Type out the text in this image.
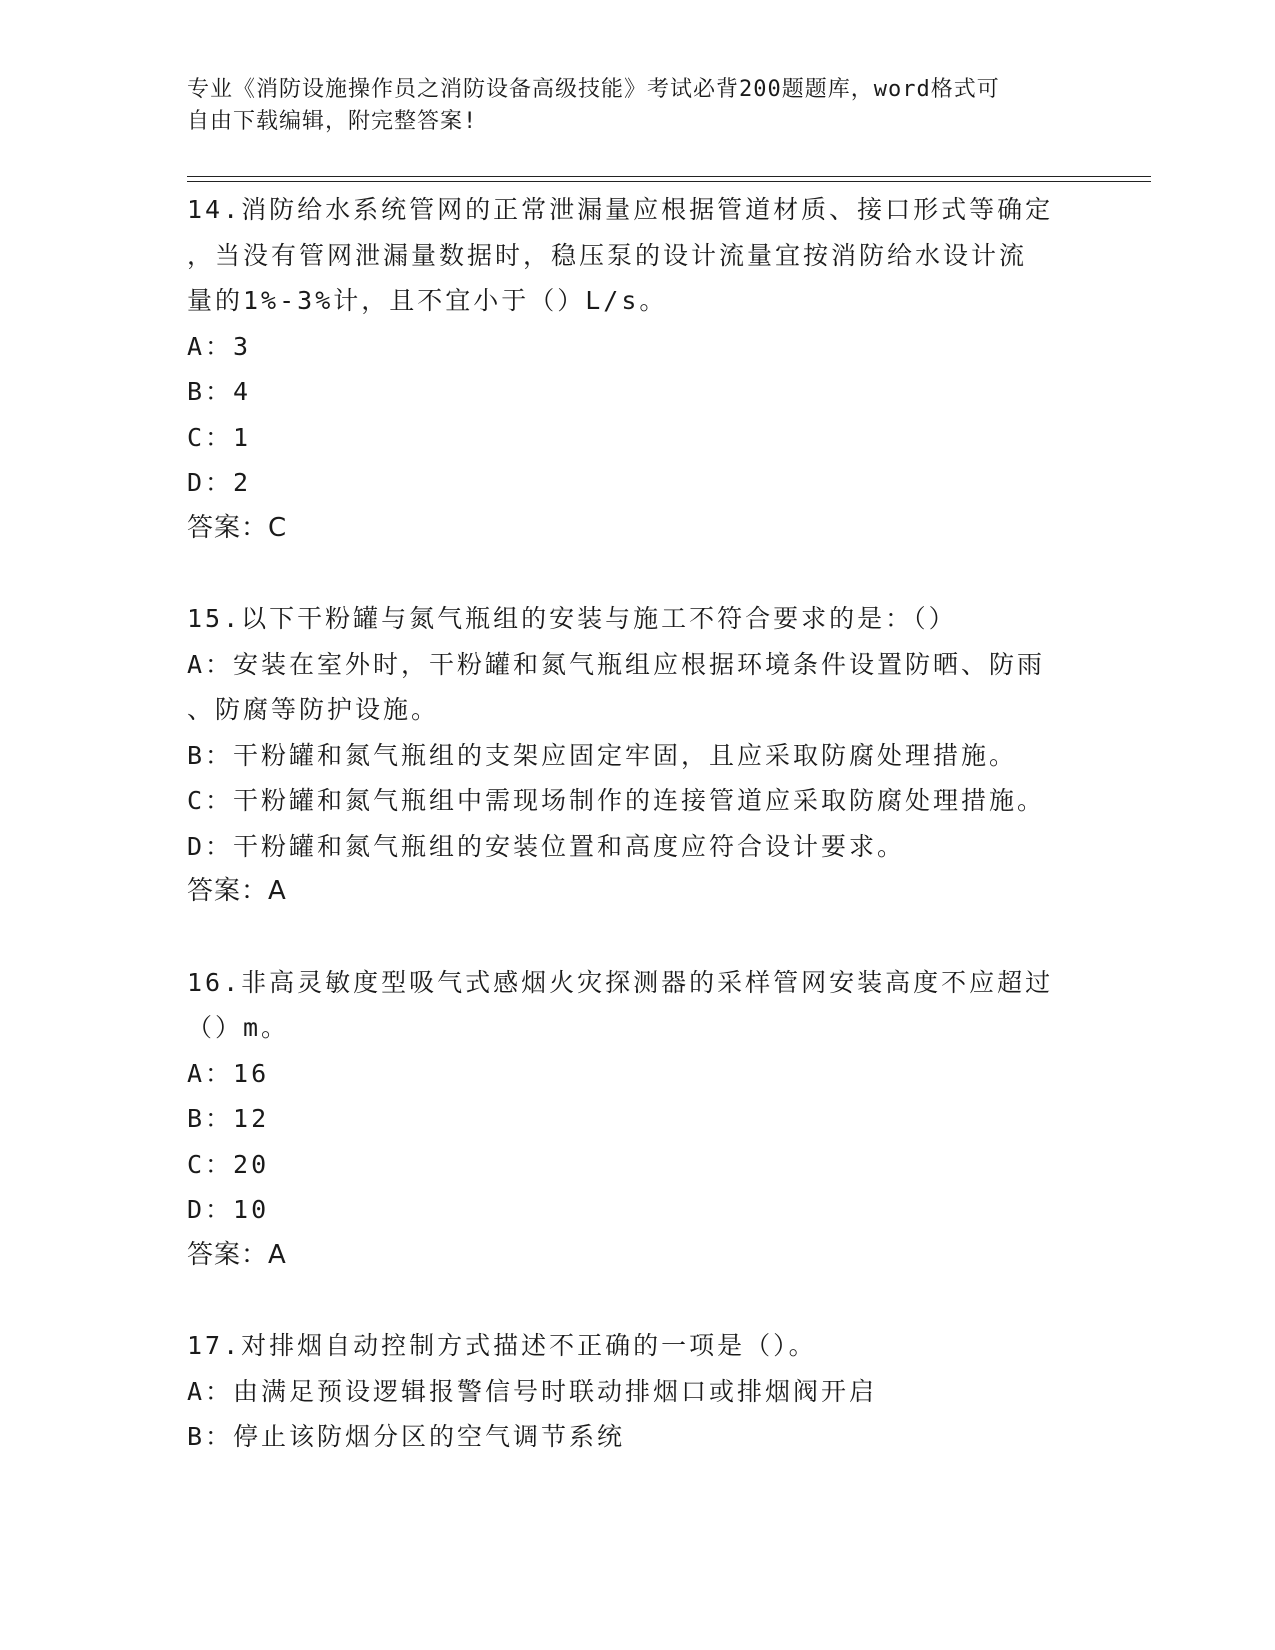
专业《消防设施操作员之消防设备高级技能》考试必背200题题库，word格式可
自由下载编辑，附完整答案!

14.消防给水系统管网的正常泄漏量应根据管道材质、接口形式等确定

，当没有管网泄漏量数据时，稳压泵的设计流量宜按消防给水设计流

量的1%-3%计，且不宜小于（）L/s。

A：3

B：4

C：1

D：2

答案：C

15.以下干粉罐与氮气瓶组的安装与施工不符合要求的是：（）

A：安装在室外时，干粉罐和氮气瓶组应根据环境条件设置防晒、防雨

、防腐等防护设施。

B：干粉罐和氮气瓶组的支架应固定牢固，且应采取防腐处理措施。

C：干粉罐和氮气瓶组中需现场制作的连接管道应采取防腐处理措施。

D：干粉罐和氮气瓶组的安装位置和高度应符合设计要求。

答案：A

16.非高灵敏度型吸气式感烟火灾探测器的采样管网安装高度不应超过

（）m。

A：16

B：12

C：20

D：10

答案：A

17.对排烟自动控制方式描述不正确的一项是（）。

A：由满足预设逻辑报警信号时联动排烟口或排烟阀开启

B：停止该防烟分区的空气调节系统
